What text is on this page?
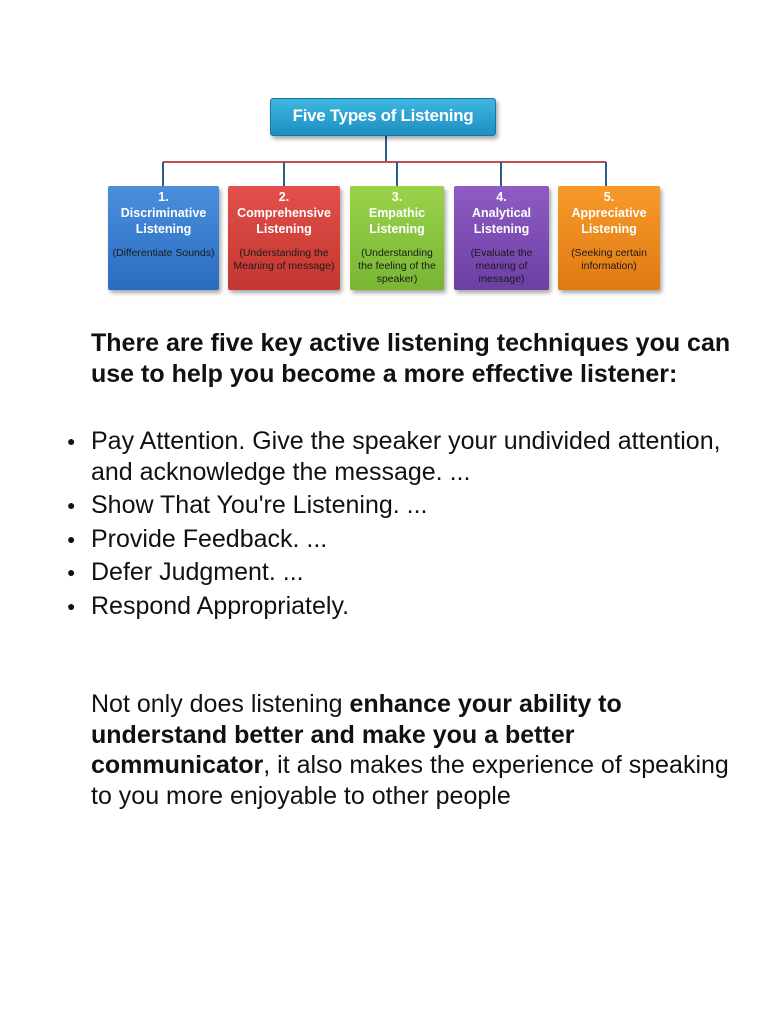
Five Types of Listening
1.
Discriminative
Listening
(Differentiate Sounds)
2.
Comprehensive
Listening
(Understanding the Meaning of message)
3.
Empathic
Listening
(Understanding the feeling of the speaker)
4.
Analytical
Listening
(Evaluate the meaning of message)
5.
Appreciative
Listening
(Seeking certain information)

There are five key active listening techniques you can use to help you become a more effective listener:

● Pay Attention. Give the speaker your undivided attention, and acknowledge the message. ...
● Show That You're Listening. ...
● Provide Feedback. ...
● Defer Judgment. ...
● Respond Appropriately.

Not only does listening enhance your ability to understand better and make you a better communicator, it also makes the experience of speaking to you more enjoyable to other people
